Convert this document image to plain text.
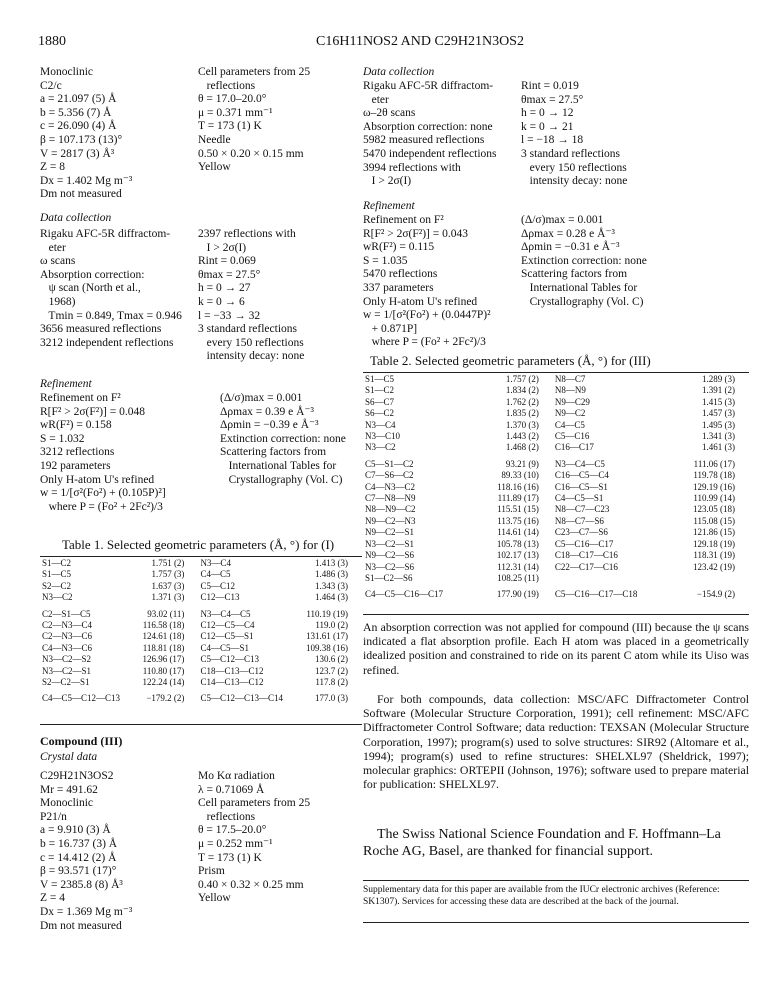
1880	C16H11NOS2 AND C29H21N3OS2
Monoclinic
C2/c
a = 21.097 (5) Å
b = 5.356 (7) Å
c = 26.090 (4) Å
β = 107.173 (13)°
V = 2817 (3) Å³
Z = 8
Dx = 1.402 Mg m⁻³
Dm not measured
Cell parameters from 25
reflections
θ = 17.0–20.0°
μ = 0.371 mm⁻¹
T = 173 (1) K
Needle
0.50 × 0.20 × 0.15 mm
Yellow
Data collection
Rigaku AFC-5R diffractom-
eter
ω scans
Absorption correction:
ψ scan (North et al.,
1968)
Tmin = 0.849, Tmax = 0.946
3656 measured reflections
3212 independent reflections
2397 reflections with
I > 2σ(I)
Rint = 0.069
θmax = 27.5°
h = 0 → 27
k = 0 → 6
l = −33 → 32
3 standard reflections
every 150 reflections
intensity decay: none
Refinement
Refinement on F²
R[F² > 2σ(F²)] = 0.048
wR(F²) = 0.158
S = 1.032
3212 reflections
192 parameters
Only H-atom U's refined
w = 1/[σ²(Fo²) + (0.105P)²]
where P = (Fo² + 2Fc²)/3
(Δ/σ)max = 0.001
Δρmax = 0.39 e Å⁻³
Δρmin = −0.39 e Å⁻³
Extinction correction: none
Scattering factors from
International Tables for
Crystallography (Vol. C)
Table 1. Selected geometric parameters (Å, °) for (I)
S1—C2	1.751 (2)	N3—C4	1.413 (3)
S1—C5	1.757 (3)	C4—C5	1.486 (3)
S2—C2	1.637 (3)	C5—C12	1.343 (3)
N3—C2	1.371 (3)	C12—C13	1.464 (3)

C2—S1—C5	93.02 (11)	N3—C4—C5	110.19 (19)
C2—N3—C4	116.58 (18)	C12—C5—C4	119.0 (2)
C2—N3—C6	124.61 (18)	C12—C5—S1	131.61 (17)
C4—N3—C6	118.81 (18)	C4—C5—S1	109.38 (16)
N3—C2—S2	126.96 (17)	C5—C12—C13	130.6 (2)
N3—C2—S1	110.80 (17)	C18—C13—C12	123.7 (2)
S2—C2—S1	122.24 (14)	C14—C13—C12	117.8 (2)

C4—C5—C12—C13	−179.2 (2)	C5—C12—C13—C14	177.0 (3)
Compound (III)
Crystal data
C29H21N3OS2
Mr = 491.62
Monoclinic
P21/n
a = 9.910 (3) Å
b = 16.737 (3) Å
c = 14.412 (2) Å
β = 93.571 (17)°
V = 2385.8 (8) Å³
Z = 4
Dx = 1.369 Mg m⁻³
Dm not measured
Mo Kα radiation
λ = 0.71069 Å
Cell parameters from 25
reflections
θ = 17.5–20.0°
μ = 0.252 mm⁻¹
T = 173 (1) K
Prism
0.40 × 0.32 × 0.25 mm
Yellow
Data collection
Rigaku AFC-5R diffractom-
eter
ω–2θ scans
Absorption correction: none
5982 measured reflections
5470 independent reflections
3994 reflections with
I > 2σ(I)
Rint = 0.019
θmax = 27.5°
h = 0 → 12
k = 0 → 21
l = −18 → 18
3 standard reflections
every 150 reflections
intensity decay: none
Refinement
Refinement on F²
R[F² > 2σ(F²)] = 0.043
wR(F²) = 0.115
S = 1.035
5470 reflections
337 parameters
Only H-atom U's refined
w = 1/[σ²(Fo²) + (0.0447P)²
+ 0.871P]
where P = (Fo² + 2Fc²)/3
(Δ/σ)max = 0.001
Δρmax = 0.28 e Å⁻³
Δρmin = −0.31 e Å⁻³
Extinction correction: none
Scattering factors from
International Tables for
Crystallography (Vol. C)
Table 2. Selected geometric parameters (Å, °) for (III)
S1—C5	1.757 (2)	N8—C7	1.289 (3)
S1—C2	1.834 (2)	N8—N9	1.391 (2)
S6—C7	1.762 (2)	N9—C29	1.415 (3)
S6—C2	1.835 (2)	N9—C2	1.457 (3)
N3—C4	1.370 (3)	C4—C5	1.495 (3)
N3—C10	1.443 (2)	C5—C16	1.341 (3)
N3—C2	1.468 (2)	C16—C17	1.461 (3)

C5—S1—C2	93.21 (9)	N3—C4—C5	111.06 (17)
C7—S6—C2	89.33 (10)	C16—C5—C4	119.78 (18)
C4—N3—C2	118.16 (16)	C16—C5—S1	129.19 (16)
C7—N8—N9	111.89 (17)	C4—C5—S1	110.99 (14)
N8—N9—C2	115.51 (15)	N8—C7—C23	123.05 (18)
N9—C2—N3	113.75 (16)	N8—C7—S6	115.08 (15)
N9—C2—S1	114.61 (14)	C23—C7—S6	121.86 (15)
N3—C2—S1	105.78 (13)	C5—C16—C17	129.18 (19)
N9—C2—S6	102.17 (13)	C18—C17—C16	118.31 (19)
N3—C2—S6	112.31 (14)	C22—C17—C16	123.42 (19)
S1—C2—S6	108.25 (11)		

C4—C5—C16—C17	177.90 (19)	C5—C16—C17—C18	−154.9 (2)
An absorption correction was not applied for compound (III) because the ψ scans indicated a flat absorption profile. Each H atom was placed in a geometrically idealized position and constrained to ride on its parent C atom while its Uiso was refined.
For both compounds, data collection: MSC/AFC Diffractometer Control Software (Molecular Structure Corporation, 1991); cell refinement: MSC/AFC Diffractometer Control Software; data reduction: TEXSAN (Molecular Structure Corporation, 1997); program(s) used to solve structures: SIR92 (Altomare et al., 1994); program(s) used to refine structures: SHELXL97 (Sheldrick, 1997); molecular graphics: ORTEPII (Johnson, 1976); software used to prepare material for publication: SHELXL97.
The Swiss National Science Foundation and F. Hoffmann–La Roche AG, Basel, are thanked for financial support.
Supplementary data for this paper are available from the IUCr electronic archives (Reference: SK1307). Services for accessing these data are described at the back of the journal.
